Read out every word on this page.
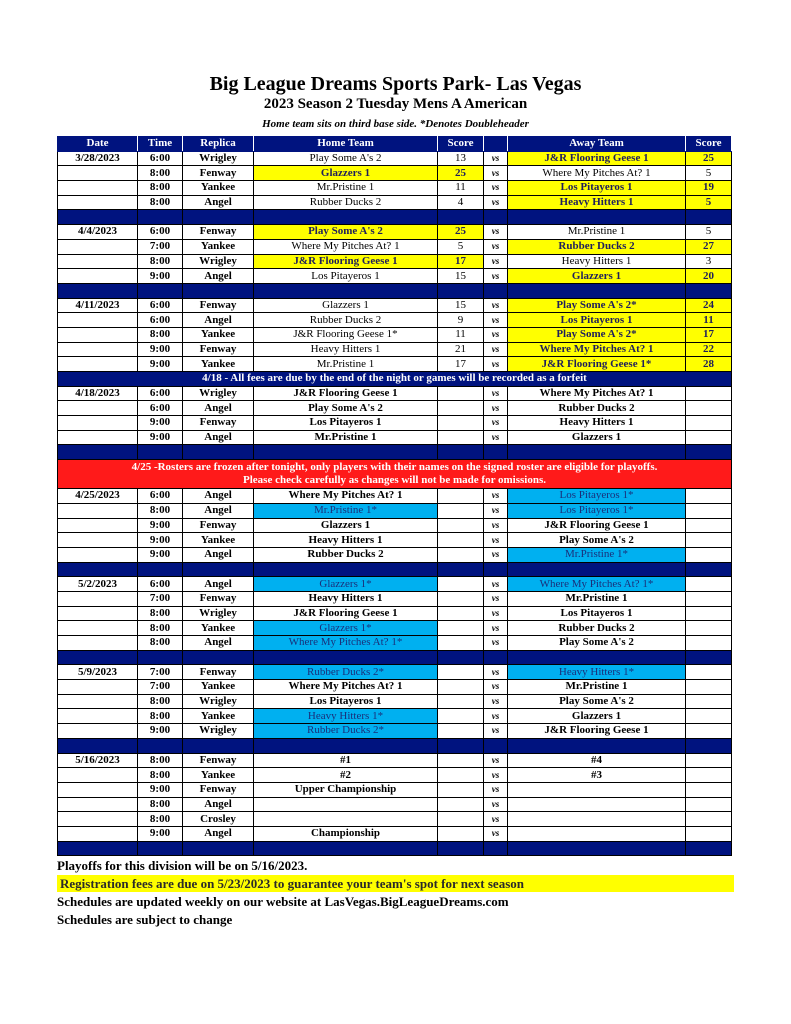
Big League Dreams Sports Park- Las Vegas
2023 Season 2 Tuesday Mens A American
Home team sits on third base side. *Denotes Doubleheader
Date	Time	Replica	Home Team	Score		Away Team	Score
3/28/2023	6:00	Wrigley	Play Some A's 2	13	vs	J&R Flooring Geese 1	25
	8:00	Fenway	Glazzers 1	25	vs	Where My Pitches At? 1	5
	8:00	Yankee	Mr.Pristine 1	11	vs	Los Pitayeros 1	19
	8:00	Angel	Rubber Ducks 2	4	vs	Heavy Hitters 1	5

4/4/2023	6:00	Fenway	Play Some A's 2	25	vs	Mr.Pristine 1	5
	7:00	Yankee	Where My Pitches At? 1	5	vs	Rubber Ducks 2	27
	8:00	Wrigley	J&R Flooring Geese 1	17	vs	Heavy Hitters 1	3
	9:00	Angel	Los Pitayeros 1	15	vs	Glazzers 1	20

4/11/2023	6:00	Fenway	Glazzers 1	15	vs	Play Some A's 2*	24
	6:00	Angel	Rubber Ducks 2	9	vs	Los Pitayeros 1	11
	8:00	Yankee	J&R Flooring Geese 1*	11	vs	Play Some A's 2*	17
	9:00	Fenway	Heavy Hitters 1	21	vs	Where My Pitches At? 1	22
	9:00	Yankee	Mr.Pristine 1	17	vs	J&R Flooring Geese 1*	28
4/18 - All fees are due by the end of the night or games will be recorded as a forfeit							
4/18/2023	6:00	Wrigley	J&R Flooring Geese 1		vs	Where My Pitches At? 1	
	6:00	Angel	Play Some A's 2		vs	Rubber Ducks 2	
	9:00	Fenway	Los Pitayeros 1		vs	Heavy Hitters 1	
	9:00	Angel	Mr.Pristine 1		vs	Glazzers 1	

4/25 -Rosters are frozen after tonight, only players with their names on the signed roster are eligible for playoffs.
Please check carefully as changes will not be made for omissions.							

4/25/2023	6:00	Angel	Where My Pitches At? 1		vs	Los Pitayeros 1*	
	8:00	Angel	Mr.Pristine 1*		vs	Los Pitayeros 1*	
	9:00	Fenway	Glazzers 1		vs	J&R Flooring Geese 1	
	9:00	Yankee	Heavy Hitters 1		vs	Play Some A's 2	
	9:00	Angel	Rubber Ducks 2		vs	Mr.Pristine 1*	

5/2/2023	6:00	Angel	Glazzers 1*		vs	Where My Pitches At? 1*	
	7:00	Fenway	Heavy Hitters 1		vs	Mr.Pristine 1	
	8:00	Wrigley	J&R Flooring Geese 1		vs	Los Pitayeros 1	
	8:00	Yankee	Glazzers 1*		vs	Rubber Ducks 2	
	8:00	Angel	Where My Pitches At? 1*		vs	Play Some A's 2	

5/9/2023	7:00	Fenway	Rubber Ducks 2*		vs	Heavy Hitters 1*	
	7:00	Yankee	Where My Pitches At? 1		vs	Mr.Pristine 1	
	8:00	Wrigley	Los Pitayeros 1		vs	Play Some A's 2	
	8:00	Yankee	Heavy Hitters 1*		vs	Glazzers 1	
	9:00	Wrigley	Rubber Ducks 2*		vs	J&R Flooring Geese 1	

5/16/2023	8:00	Fenway	#1		vs	#4	
	8:00	Yankee	#2		vs	#3	
	9:00	Fenway	Upper Championship		vs		
	8:00	Angel			vs		
	8:00	Crosley			vs		
	9:00	Angel	Championship		vs		

Playoffs for this division will be on 5/16/2023.
Registration fees are due on 5/23/2023 to guarantee your team's spot for next season
Schedules are updated weekly on our website at LasVegas.BigLeagueDreams.com
Schedules are subject to change
